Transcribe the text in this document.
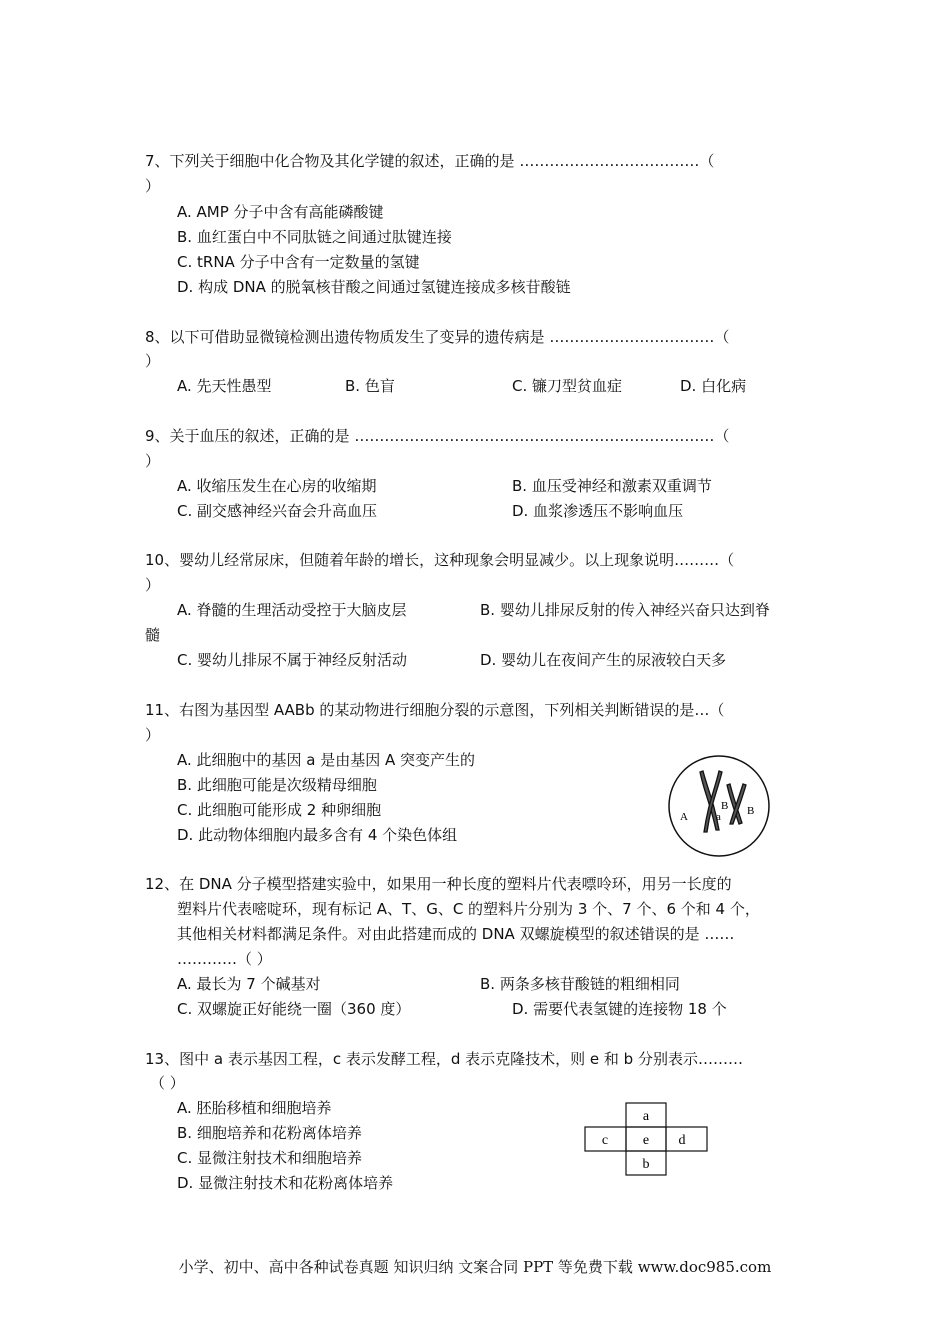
7、下列关于细胞中化合物及其化学键的叙述，正确的是 ………………………………（
）
A. AMP 分子中含有高能磷酸键
B. 血红蛋白中不同肽链之间通过肽键连接
C. tRNA 分子中含有一定数量的氢键
D. 构成 DNA 的脱氧核苷酸之间通过氢键连接成多核苷酸链
8、以下可借助显微镜检测出遗传物质发生了变异的遗传病是 ……………………………（
）
A. 先天性愚型	B. 色盲	C. 镰刀型贫血症	D. 白化病
9、关于血压的叙述，正确的是 ………………………………………………………………（
）
A. 收缩压发生在心房的收缩期	B. 血压受神经和激素双重调节
C. 副交感神经兴奋会升高血压	D. 血浆渗透压不影响血压
10、婴幼儿经常尿床，但随着年龄的增长，这种现象会明显减少。以上现象说明………（
）
A. 脊髓的生理活动受控于大脑皮层	B. 婴幼儿排尿反射的传入神经兴奋只达到脊
髓
C. 婴幼儿排尿不属于神经反射活动	D. 婴幼儿在夜间产生的尿液较白天多
11、右图为基因型 AABb 的某动物进行细胞分裂的示意图，下列相关判断错误的是…（
）
A. 此细胞中的基因 a 是由基因 A 突变产生的
B. 此细胞可能是次级精母细胞
C. 此细胞可能形成 2 种卵细胞
D. 此动物体细胞内最多含有 4 个染色体组
A	a
B B
12、在 DNA 分子模型搭建实验中，如果用一种长度的塑料片代表嘌呤环，用另一长度的
塑料片代表嘧啶环，现有标记 A、T、G、C 的塑料片分别为 3 个、7 个、6 个和 4 个，
其他相关材料都满足条件。对由此搭建而成的 DNA 双螺旋模型的叙述错误的是 ……
…………（ ）
A. 最长为 7 个碱基对	B. 两条多核苷酸链的粗细相同
C. 双螺旋正好能绕一圈（360 度）	D. 需要代表氢键的连接物 18 个
13、图中 a 表示基因工程，c 表示发酵工程，d 表示克隆技术，则 e 和 b 分别表示………
（ ）
A. 胚胎移植和细胞培养
B. 细胞培养和花粉离体培养
C. 显微注射技术和细胞培养
D. 显微注射技术和花粉离体培养
a
c e d
b
小学、初中、高中各种试卷真题 知识归纳 文案合同 PPT 等免费下载 www.doc985.com
